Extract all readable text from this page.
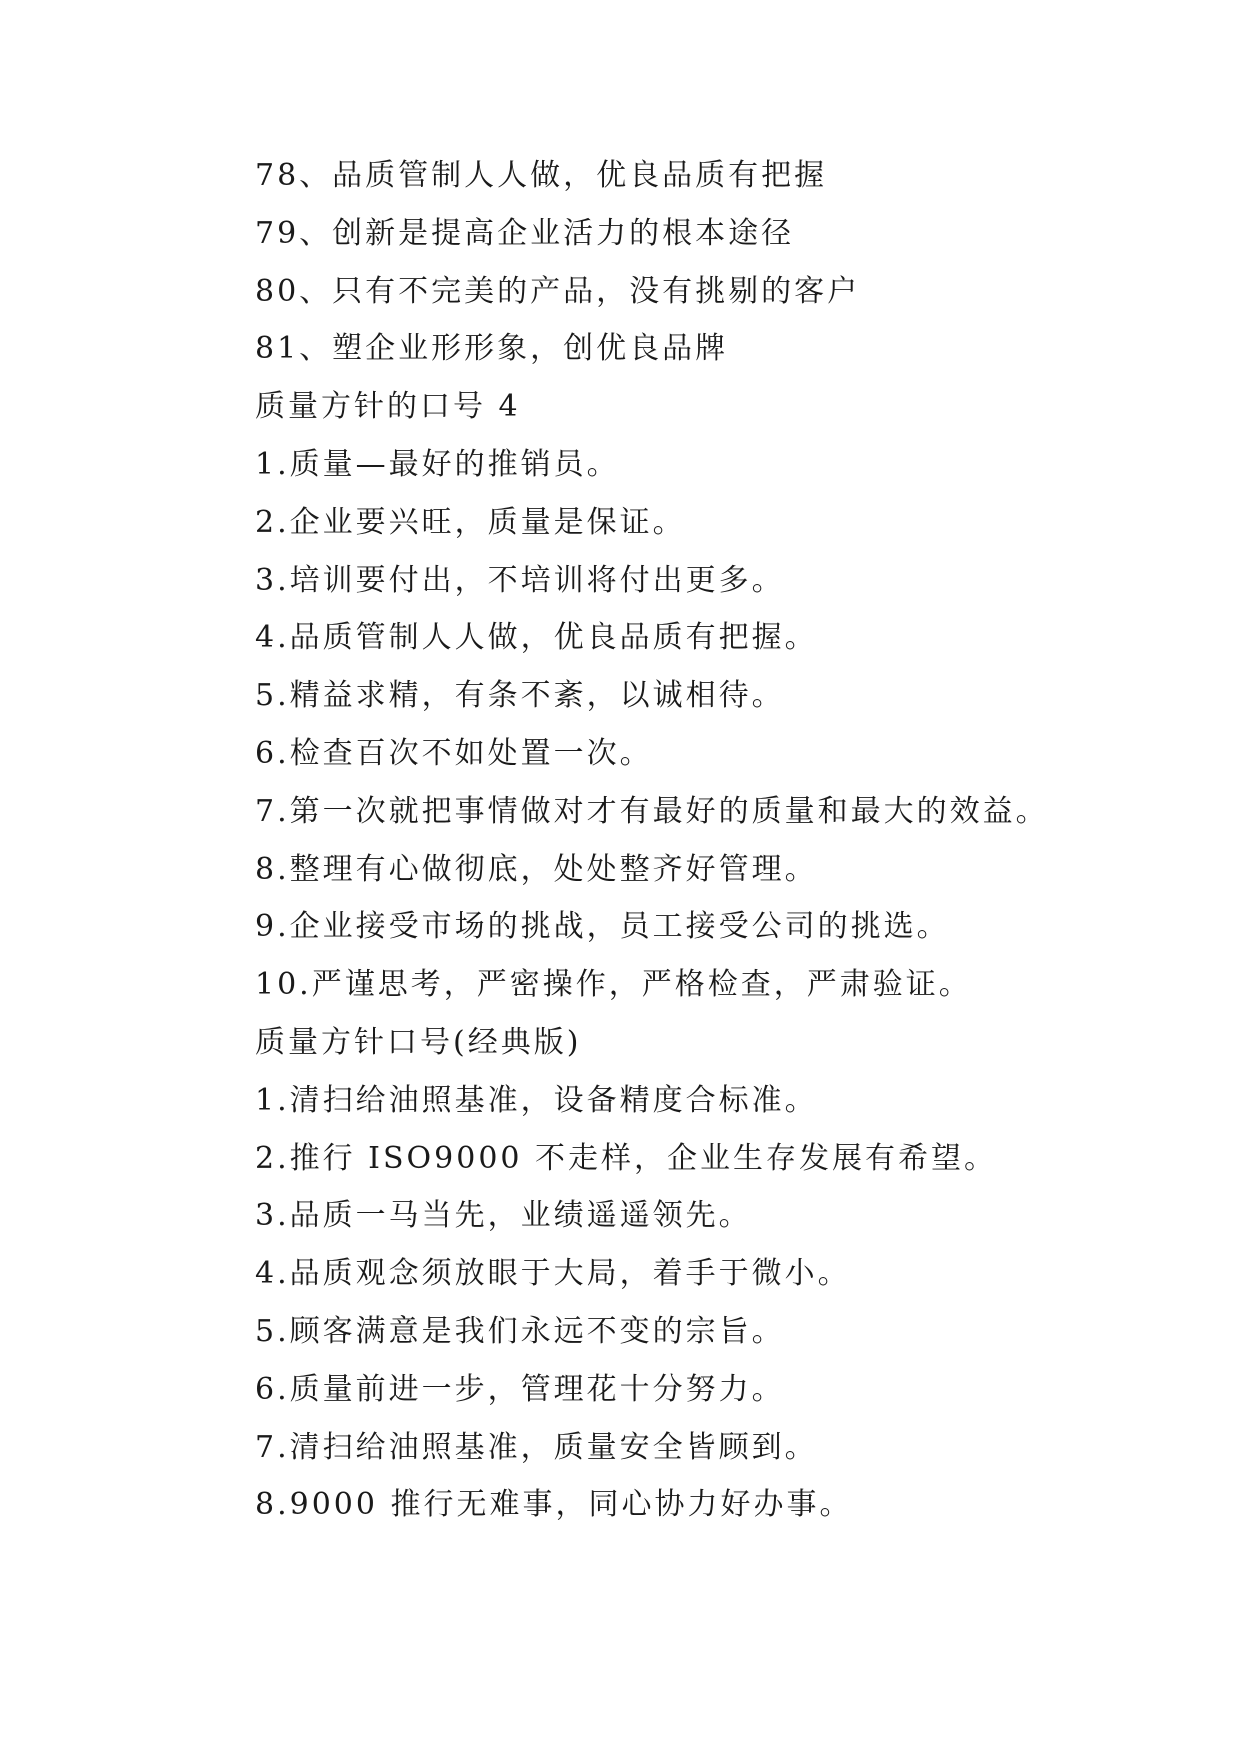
78、品质管制人人做，优良品质有把握
79、创新是提高企业活力的根本途径
80、只有不完美的产品，没有挑剔的客户
81、塑企业形形象，创优良品牌
质量方针的口号 4
1.质量—最好的推销员。
2.企业要兴旺，质量是保证。
3.培训要付出，不培训将付出更多。
4.品质管制人人做，优良品质有把握。
5.精益求精，有条不紊，以诚相待。
6.检查百次不如处置一次。
7.第一次就把事情做对才有最好的质量和最大的效益。
8.整理有心做彻底，处处整齐好管理。
9.企业接受市场的挑战，员工接受公司的挑选。
10.严谨思考，严密操作，严格检查，严肃验证。
质量方针口号(经典版)
1.清扫给油照基准，设备精度合标准。
2.推行 ISO9000 不走样，企业生存发展有希望。
3.品质一马当先，业绩遥遥领先。
4.品质观念须放眼于大局，着手于微小。
5.顾客满意是我们永远不变的宗旨。
6.质量前进一步，管理花十分努力。
7.清扫给油照基准，质量安全皆顾到。
8.9000 推行无难事，同心协力好办事。
